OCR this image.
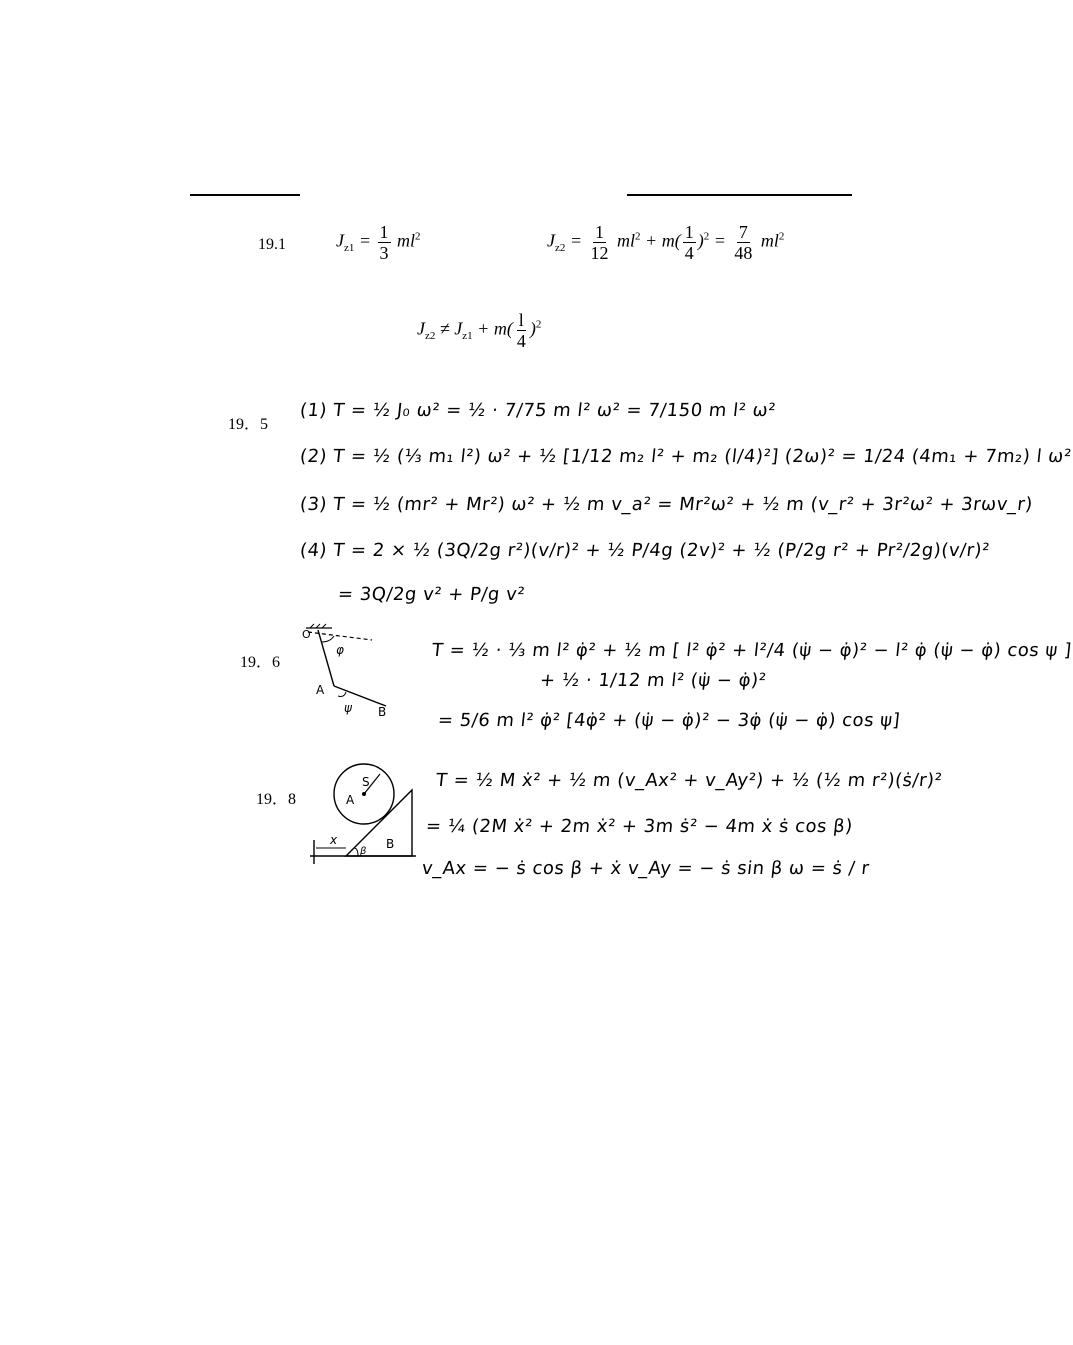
19.1	$J_{z1} = \frac{1}{3} ml^2$	$J_{z2} = \frac{1}{12} ml^2 + m( \frac{1}{4} )^2 = \frac{7}{48} ml^2$
$J_{z2} \ne J_{z1} + m( \frac{l}{4} )^2$
19．5
(1) T = ½ J₀ ω² = ½ · 7/75 m l² ω² = 7/150 m l² ω²
(2) T = ½ (⅓ m₁ l²) ω² + ½ [1/12 m₂ l² + m₂ (l/4)²] (2ω)² = 1/24 (4m₁ + 7m₂) l ω²
(3) T = ½ (mr² + Mr²) ω² + ½ m v_a² = Mr²ω² + ½ m (v_r² + 3r²ω² + 3rωv_r)
(4) T = 2 × ½ (3Q/2g r²)(v/r)² + ½ P/4g (2v)² + ½ (P/2g r² + Pr²/2g)(v/r)²
= 3Q/2g v² + P/g v²
19．6
O
φ
A
ψ B
T = ½ · ⅓ m l² φ̇² + ½ m [ l² φ̇² + l²/4 (ψ̇ − φ̇)² − l² φ̇ (ψ̇ − φ̇) cos ψ ]
+ ½ · 1/12 m l² (ψ̇ − φ̇)²
= 5/6 m l² φ̇² [4φ̇² + (ψ̇ − φ̇)² − 3φ̇ (ψ̇ − φ̇) cos ψ]
19．8
S
A
B
x
β
T = ½ M ẋ² + ½ m (v_Ax² + v_Ay²) + ½ (½ m r²)(ṡ/r)²
= ¼ (2M ẋ² + 2m ẋ² + 3m ṡ² − 4m ẋ ṡ cos β)
v_Ax = − ṡ cos β + ẋ v_Ay = − ṡ sin β ω = ṡ / r
